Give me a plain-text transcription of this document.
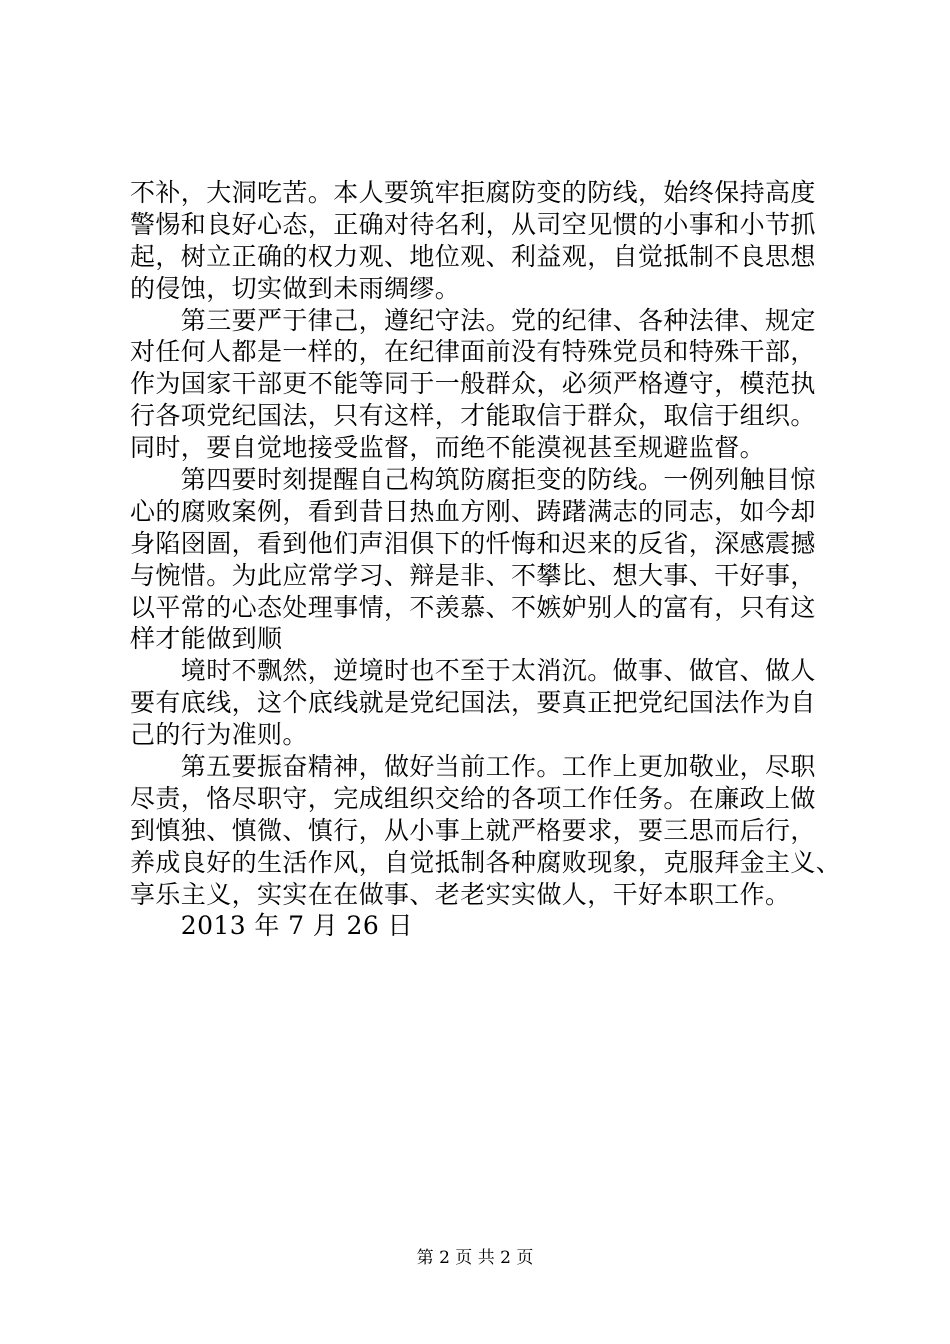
不补，大洞吃苦。本人要筑牢拒腐防变的防线，始终保持高度
警惕和良好心态，正确对待名利，从司空见惯的小事和小节抓
起，树立正确的权力观、地位观、利益观，自觉抵制不良思想
的侵蚀，切实做到未雨绸缪。
　　第三要严于律己，遵纪守法。党的纪律、各种法律、规定
对任何人都是一样的，在纪律面前没有特殊党员和特殊干部，
作为国家干部更不能等同于一般群众，必须严格遵守，模范执
行各项党纪国法，只有这样，才能取信于群众，取信于组织。
同时，要自觉地接受监督，而绝不能漠视甚至规避监督。
　　第四要时刻提醒自己构筑防腐拒变的防线。一例列触目惊
心的腐败案例，看到昔日热血方刚、踌躇满志的同志，如今却
身陷囹圄，看到他们声泪俱下的忏悔和迟来的反省，深感震撼
与惋惜。为此应常学习、辩是非、不攀比、想大事、干好事，
以平常的心态处理事情，不羡慕、不嫉妒别人的富有，只有这
样才能做到顺
　　境时不飘然，逆境时也不至于太消沉。做事、做官、做人
要有底线，这个底线就是党纪国法，要真正把党纪国法作为自
己的行为准则。
　　第五要振奋精神，做好当前工作。工作上更加敬业，尽职
尽责，恪尽职守，完成组织交给的各项工作任务。在廉政上做
到慎独、慎微、慎行，从小事上就严格要求，要三思而后行，
养成良好的生活作风，自觉抵制各种腐败现象，克服拜金主义、
享乐主义，实实在在做事、老老实实做人，干好本职工作。
　　2013 年 7 月 26 日
第 2 页 共 2 页
